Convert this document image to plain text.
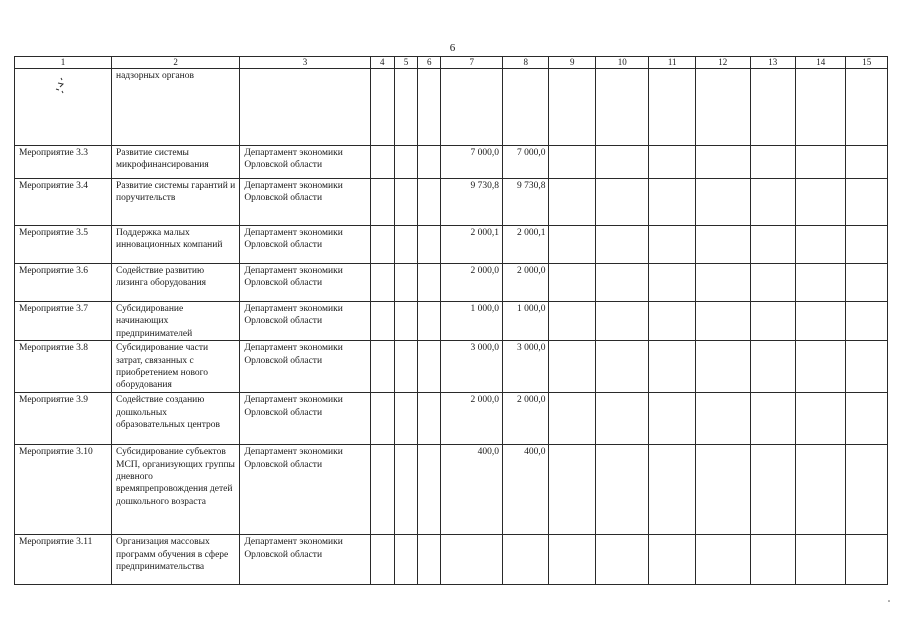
6
1	2	3	4	5	6	7	8	9	10	11	12	13	14	15
	надзорных органов													
Мероприятие 3.3	Развитие системы микрофинансирования	Департамент экономики Орловской области				7 000,0	7 000,0							
Мероприятие 3.4	Развитие системы гарантий и поручительств	Департамент экономики Орловской области				9 730,8	9 730,8							
Мероприятие 3.5	Поддержка малых инновационных компаний	Департамент экономики Орловской области				2 000,1	2 000,1							
Мероприятие 3.6	Содействие развитию лизинга оборудования	Департамент экономики Орловской области				2 000,0	2 000,0							
Мероприятие 3.7	Субсидирование начинающих предпринимателей	Департамент экономики Орловской области				1 000,0	1 000,0							
Мероприятие 3.8	Субсидирование части затрат, связанных с приобретением нового оборудования	Департамент экономики Орловской области				3 000,0	3 000,0							
Мероприятие 3.9	Содействие созданию дошкольных образовательных центров	Департамент экономики Орловской области				2 000,0	2 000,0							
Мероприятие 3.10	Субсидирование субъектов МСП, организующих группы дневного времяпрепровождения детей дошкольного возраста	Департамент экономики Орловской области				400,0	400,0							
Мероприятие 3.11	Организация массовых программ обучения в сфере предпринимательства	Департамент экономики Орловской области												
